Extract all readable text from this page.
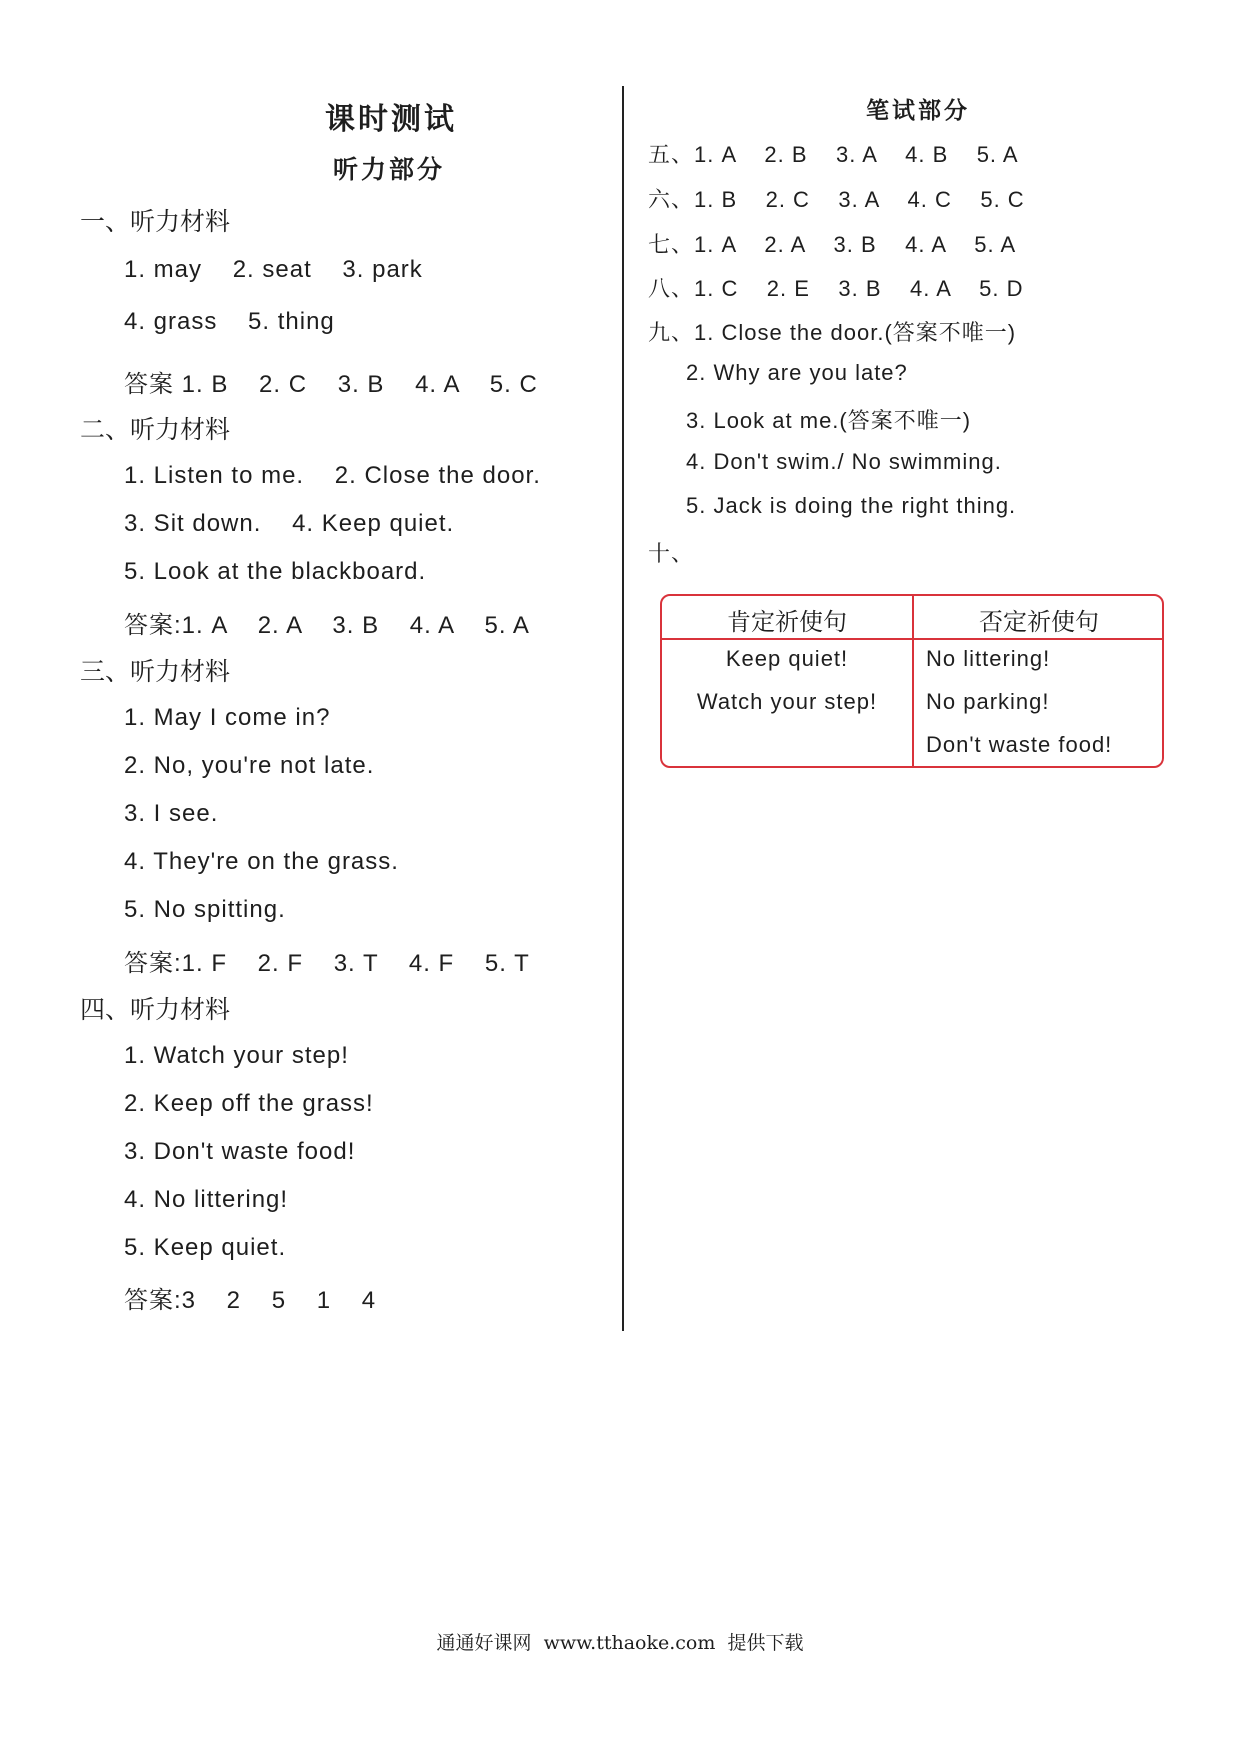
课时测试
听力部分
一、听力材料
1. may    2. seat    3. park
4. grass    5. thing
答案 1. B    2. C    3. B    4. A    5. C
二、听力材料
1. Listen to me.    2. Close the door.
3. Sit down.    4. Keep quiet.
5. Look at the blackboard.
答案:1. A    2. A    3. B    4. A    5. A
三、听力材料
1. May I come in?
2. No, you're not late.
3. I see.
4. They're on the grass.
5. No spitting.
答案:1. F    2. F    3. T    4. F    5. T
四、听力材料
1. Watch your step!
2. Keep off the grass!
3. Don't waste food!
4. No littering!
5. Keep quiet.
答案:3    2    5    1    4
笔试部分
五、1. A    2. B    3. A    4. B    5. A
六、1. B    2. C    3. A    4. C    5. C
七、1. A    2. A    3. B    4. A    5. A
八、1. C    2. E    3. B    4. A    5. D
九、1. Close the door.(答案不唯一)
2. Why are you late?
3. Look at me.(答案不唯一)
4. Don't swim./ No swimming.
5. Jack is doing the right thing.
十、
肯定祈使句	否定祈使句
Keep quiet!
Watch your step!
No littering!
No parking!
Don't waste food!
通通好课网  www.tthaoke.com  提供下载
